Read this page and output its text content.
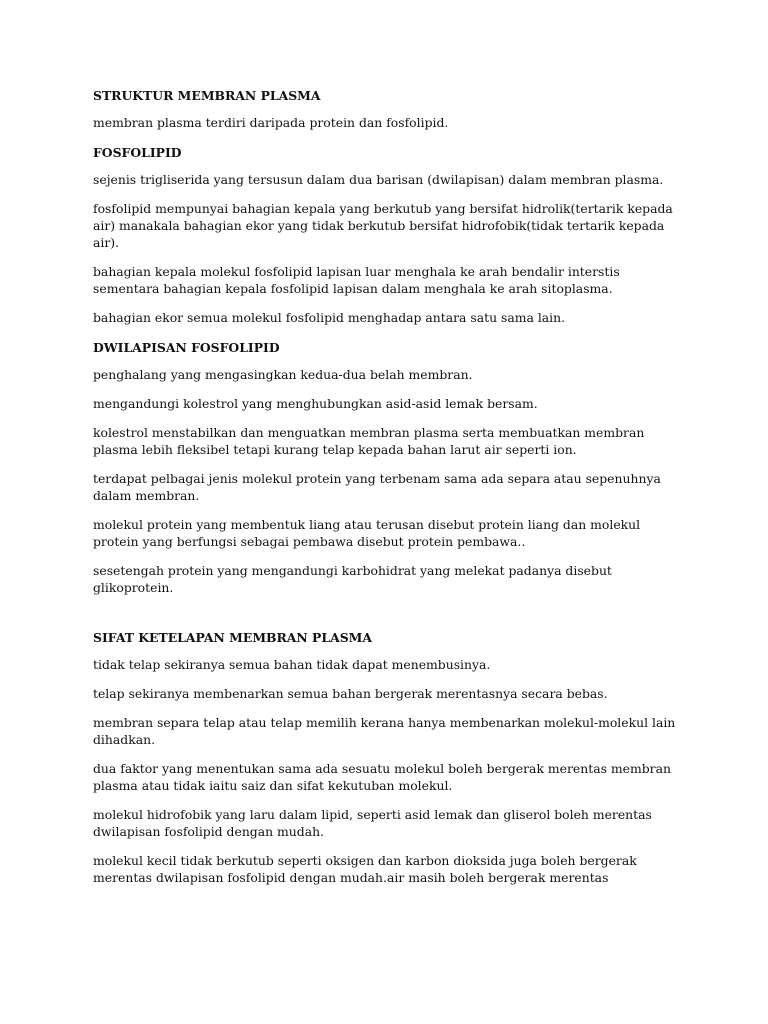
STRUKTUR MEMBRAN PLASMA

membran plasma terdiri daripada protein dan fosfolipid.

FOSFOLIPID

sejenis trigliserida yang tersusun dalam dua barisan (dwilapisan) dalam membran plasma.

fosfolipid mempunyai bahagian kepala yang berkutub yang bersifat hidrolik(tertarik kepada air) manakala bahagian ekor yang tidak berkutub bersifat hidrofobik(tidak tertarik kepada air).

bahagian kepala molekul fosfolipid lapisan luar menghala ke arah bendalir interstis sementara bahagian kepala fosfolipid lapisan dalam menghala ke arah sitoplasma.

bahagian ekor semua molekul fosfolipid menghadap antara satu sama lain.

DWILAPISAN FOSFOLIPID

penghalang yang mengasingkan kedua-dua belah membran.

mengandungi kolestrol yang menghubungkan asid-asid lemak bersam.

kolestrol menstabilkan dan menguatkan membran plasma serta membuatkan membran plasma lebih fleksibel tetapi kurang telap kepada bahan larut air seperti ion.

terdapat pelbagai jenis molekul protein yang terbenam sama ada separa atau sepenuhnya dalam membran.

molekul protein yang membentuk liang atau terusan disebut protein liang dan molekul protein yang berfungsi sebagai pembawa disebut protein pembawa..

sesetengah protein yang mengandungi karbohidrat yang melekat padanya disebut glikoprotein.

SIFAT KETELAPAN MEMBRAN PLASMA

tidak telap sekiranya semua bahan tidak dapat menembusinya.

telap sekiranya membenarkan semua bahan bergerak merentasnya secara bebas.

membran separa telap atau telap memilih kerana hanya membenarkan molekul-molekul lain dihadkan.

dua faktor yang menentukan sama ada sesuatu molekul boleh bergerak merentas membran plasma atau tidak iaitu saiz dan sifat kekutuban molekul.

molekul hidrofobik yang laru dalam lipid, seperti asid lemak dan gliserol boleh merentas dwilapisan fosfolipid dengan mudah.

molekul kecil tidak berkutub seperti oksigen dan karbon dioksida juga boleh bergerak merentas dwilapisan fosfolipid dengan mudah.air masih boleh bergerak merentas
